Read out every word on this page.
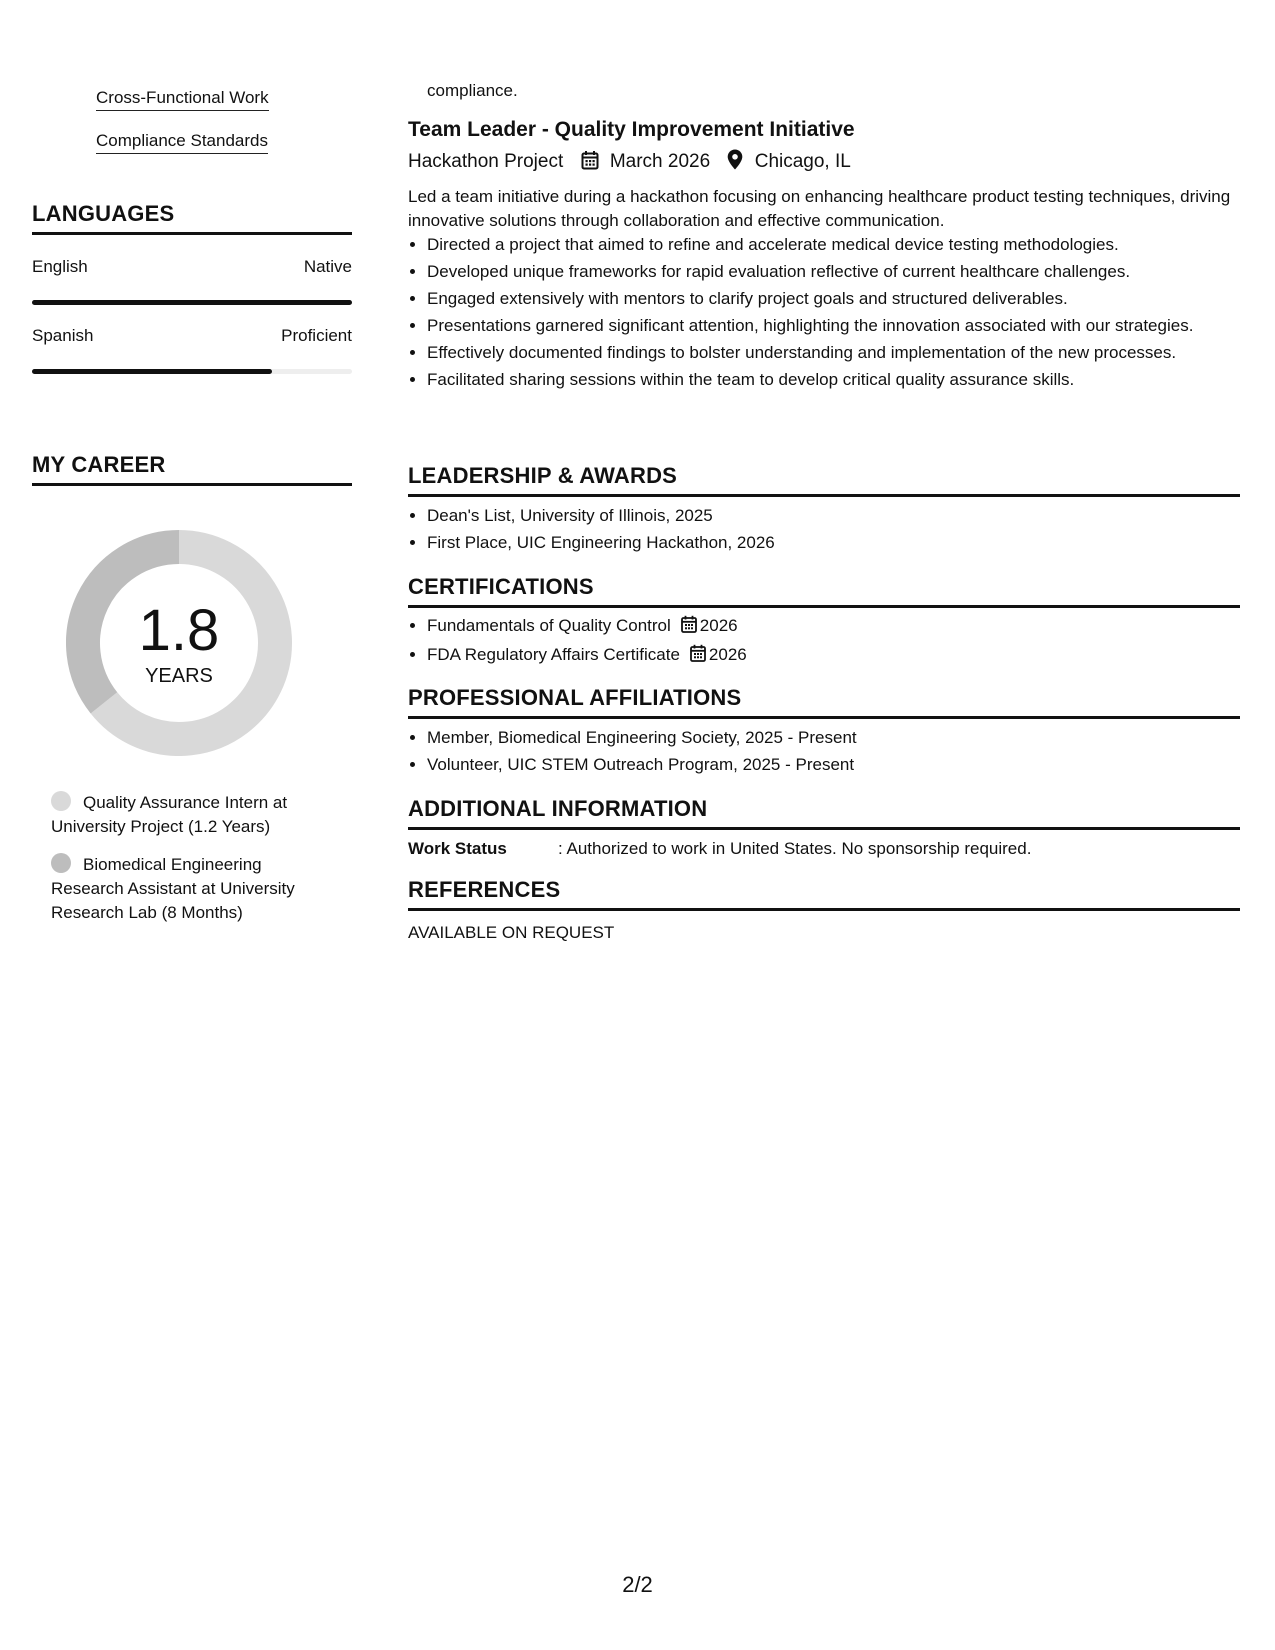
Cross-Functional Work
Compliance Standards
LANGUAGES
English	Native
Spanish	Proficient
MY CAREER
1.8
YEARS
Quality Assurance Intern at University Project (1.2 Years)
Biomedical Engineering Research Assistant at University Research Lab (8 Months)
compliance.
Team Leader - Quality Improvement Initiative
Hackathon Project March 2026 Chicago, IL
Led a team initiative during a hackathon focusing on enhancing healthcare product testing techniques, driving innovative solutions through collaboration and effective communication.
• Directed a project that aimed to refine and accelerate medical device testing methodologies.
• Developed unique frameworks for rapid evaluation reflective of current healthcare challenges.
• Engaged extensively with mentors to clarify project goals and structured deliverables.
• Presentations garnered significant attention, highlighting the innovation associated with our strategies.
• Effectively documented findings to bolster understanding and implementation of the new processes.
• Facilitated sharing sessions within the team to develop critical quality assurance skills.
LEADERSHIP & AWARDS
• Dean's List, University of Illinois, 2025
• First Place, UIC Engineering Hackathon, 2026
CERTIFICATIONS
• Fundamentals of Quality Control 2026
• FDA Regulatory Affairs Certificate 2026
PROFESSIONAL AFFILIATIONS
• Member, Biomedical Engineering Society, 2025 - Present
• Volunteer, UIC STEM Outreach Program, 2025 - Present
ADDITIONAL INFORMATION
Work Status	: Authorized to work in United States. No sponsorship required.
REFERENCES
AVAILABLE ON REQUEST
2/2
